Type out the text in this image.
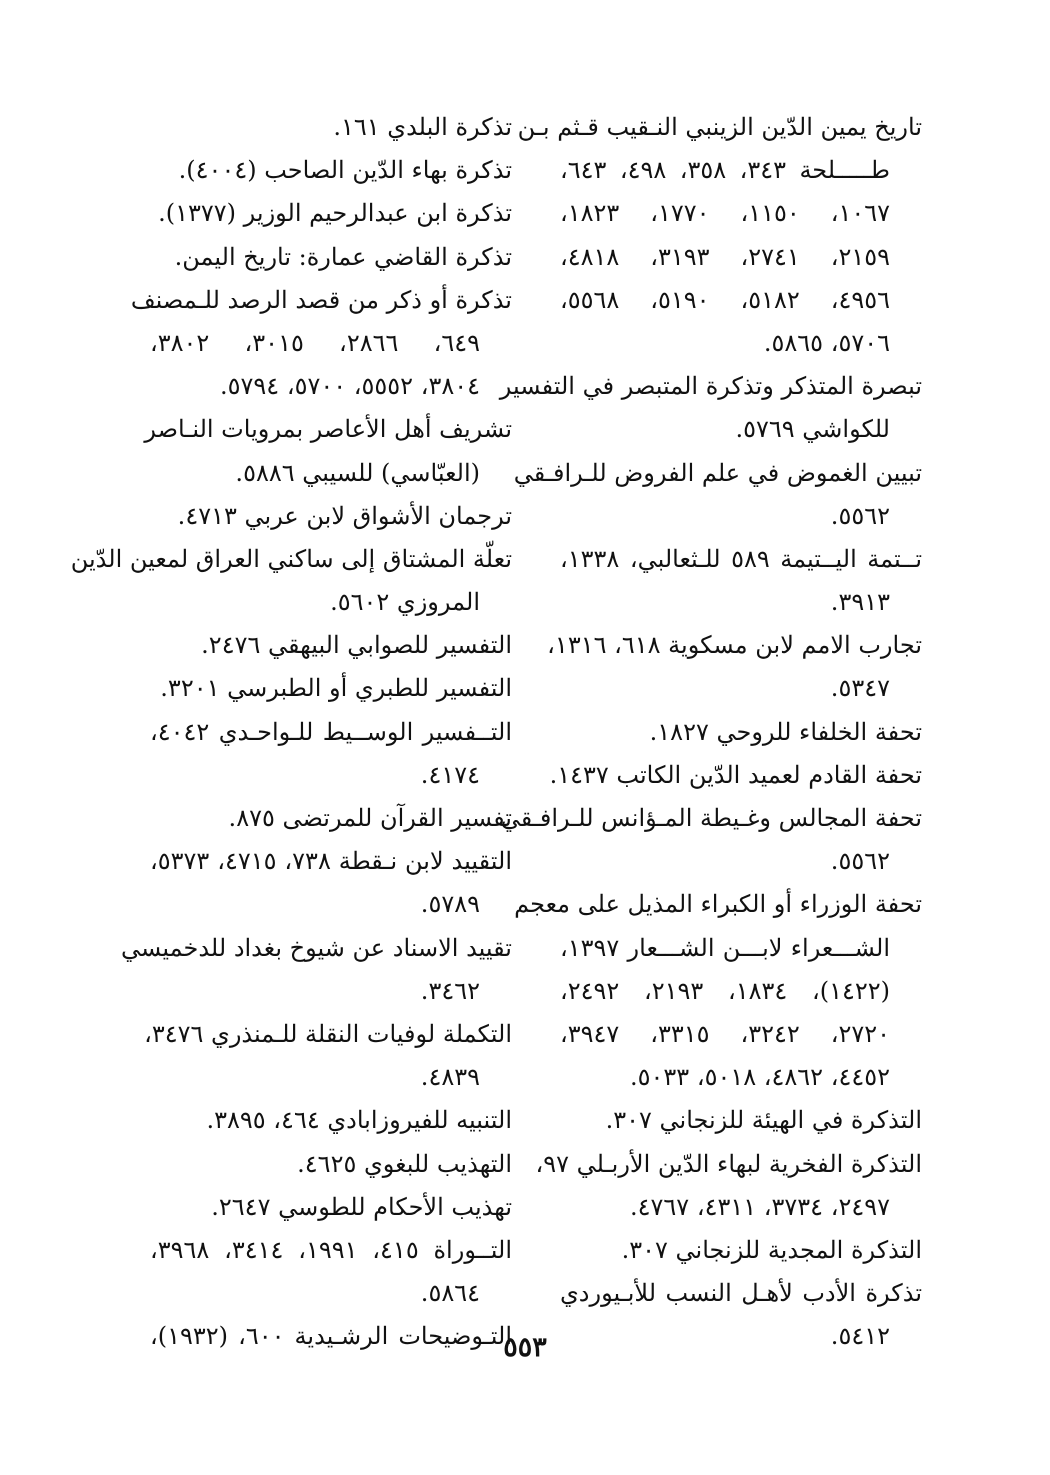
تاريخ يمين الدّين الزينبي النـقيب قـثم بـن
طـــــلحة ٣٤٣، ٣٥٨، ٤٩٨، ٦٤٣،
١٠٦٧، ١١٥٠، ١٧٧٠، ١٨٢٣،
٢١٥٩، ٢٧٤١، ٣١٩٣، ٤٨١٨،
٤٩٥٦، ٥١٨٢، ٥١٩٠، ٥٥٦٨،
٥٧٠٦، ٥٨٦٥.
تبصرة المتذكر وتذكرة المتبصر في التفسير
للكواشي ٥٧٦٩.
تبيين الغموض في علم الفروض للـرافـقي
٥٥٦٢.
تــتمة اليــتيمة ٥٨٩ للـثعالبي، ١٣٣٨،
٣٩١٣.
تجارب الامم لابن مسكوية ٦١٨، ١٣١٦،
٥٣٤٧.
تحفة الخلفاء للروحي ١٨٢٧.
تحفة القادم لعميد الدّين الكاتب ١٤٣٧.
تحفة المجالس وغـيطة المـؤانس للـرافـقي
٥٥٦٢.
تحفة الوزراء أو الكبراء المذيل على معجم
الشـــعراء لابـــن الشـــعار ١٣٩٧،
(١٤٢٢)، ١٨٣٤، ٢١٩٣، ٢٤٩٢،
٢٧٢٠، ٣٢٤٢، ٣٣١٥، ٣٩٤٧،
٤٤٥٢، ٤٨٦٢، ٥٠١٨، ٥٠٣٣.
التذكرة في الهيئة للزنجاني ٣٠٧.
التذكرة الفخرية لبهاء الدّين الأربـلي ٩٧،
٢٤٩٧، ٣٧٣٤، ٤٣١١، ٤٧٦٧.
التذكرة المجدية للزنجاني ٣٠٧.
تذكرة الأدب لأهـل النسب للأبـيوردي
٥٤١٢.
تذكرة البلدي ١٦١.
تذكرة بهاء الدّين الصاحب (٤٠٠٤).
تذكرة ابن عبدالرحيم الوزير (١٣٧٧).
تذكرة القاضي عمارة: تاريخ اليمن.
تذكرة أو ذكر من قصد الرصد للـمصنف
٦٤٩، ٢٨٦٦، ٣٠١٥، ٣٨٠٢،
٣٨٠٤، ٥٥٥٢، ٥٧٠٠، ٥٧٩٤.
تشريف أهل الأعاصر بمرويات النـاصر
(العبّاسي) للسيبي ٥٨٨٦.
ترجمان الأشواق لابن عربي ٤٧١٣.
تعلّة المشتاق إلى ساكني العراق لمعين الدّين
المروزي ٥٦٠٢.
التفسير للصوابي البيهقي ٢٤٧٦.
التفسير للطبري أو الطبرسي ٣٢٠١.
التــفسير الوســيط للـواحـدي ٤٠٤٢،
٤١٧٤.
تفسير القرآن للمرتضى ٨٧٥.
التقييد لابن نـقطة ٧٣٨، ٤٧١٥، ٥٣٧٣،
٥٧٨٩.
تقييد الاسناد عن شيوخ بغداد للدخميسي
٣٤٦٢.
التكملة لوفيات النقلة للـمنذري ٣٤٧٦،
٤٨٣٩.
التنبيه للفيروزابادي ٤٦٤، ٣٨٩٥.
التهذيب للبغوي ٤٦٢٥.
تهذيب الأحكام للطوسي ٢٦٤٧.
التــوراة ٤١٥، ١٩٩١، ٣٤١٤، ٣٩٦٨،
٥٨٦٤.
التـوضيحات الرشـيدية ٦٠٠، (١٩٣٢)،
٥٥٣
